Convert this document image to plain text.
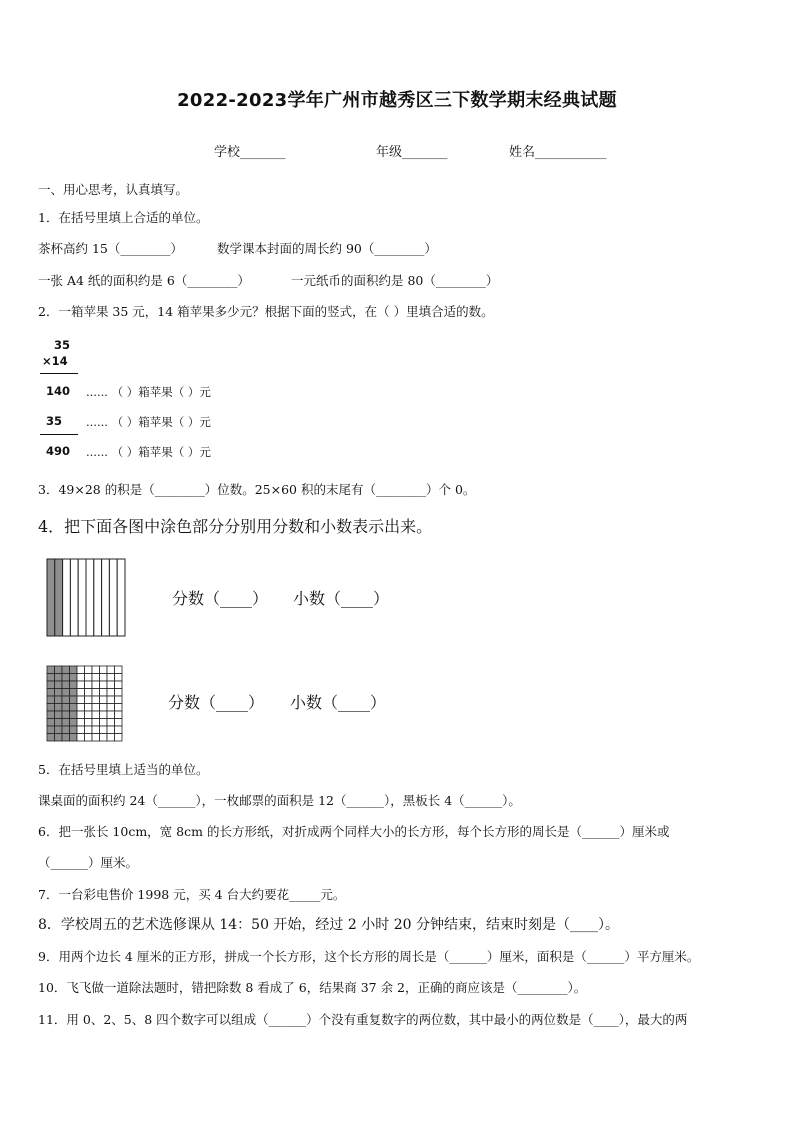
2022-2023学年广州市越秀区三下数学期末经典试题
学校_______	年级_______	姓名___________
一、用心思考，认真填写。
1．在括号里填上合适的单位。
茶杯高约 15（________）	数学课本封面的周长约 90（________）
一张 A4 纸的面积约是 6（________）	一元纸币的面积约是 80（________）
2．一箱苹果 35 元，14 箱苹果多少元？根据下面的竖式，在（ ）里填合适的数。
35
×14
140 ...... （ ）箱苹果（ ）元
35 ...... （ ）箱苹果（ ）元
490 ...... （ ）箱苹果（ ）元
3．49×28 的积是（________）位数。25×60 积的末尾有（________）个 0。
4．把下面各图中涂色部分分别用分数和小数表示出来。
分数（____） 小数（____）
分数（____） 小数（____）
5．在括号里填上适当的单位。
课桌面的面积约 24（______），一枚邮票的面积是 12（______），黑板长 4（______）。
6．把一张长 10cm，宽 8cm 的长方形纸，对折成两个同样大小的长方形，每个长方形的周长是（______）厘米或
（______）厘米。
7．一台彩电售价 1998 元，买 4 台大约要花_____元。
8．学校周五的艺术选修课从 14：50 开始，经过 2 小时 20 分钟结束，结束时刻是（____）。
9．用两个边长 4 厘米的正方形，拼成一个长方形，这个长方形的周长是（______）厘米，面积是（______）平方厘米。
10．飞飞做一道除法题时，错把除数 8 看成了 6，结果商 37 余 2，正确的商应该是（________）。
11．用 0、2、5、8 四个数字可以组成（______）个没有重复数字的两位数，其中最小的两位数是（____），最大的两
